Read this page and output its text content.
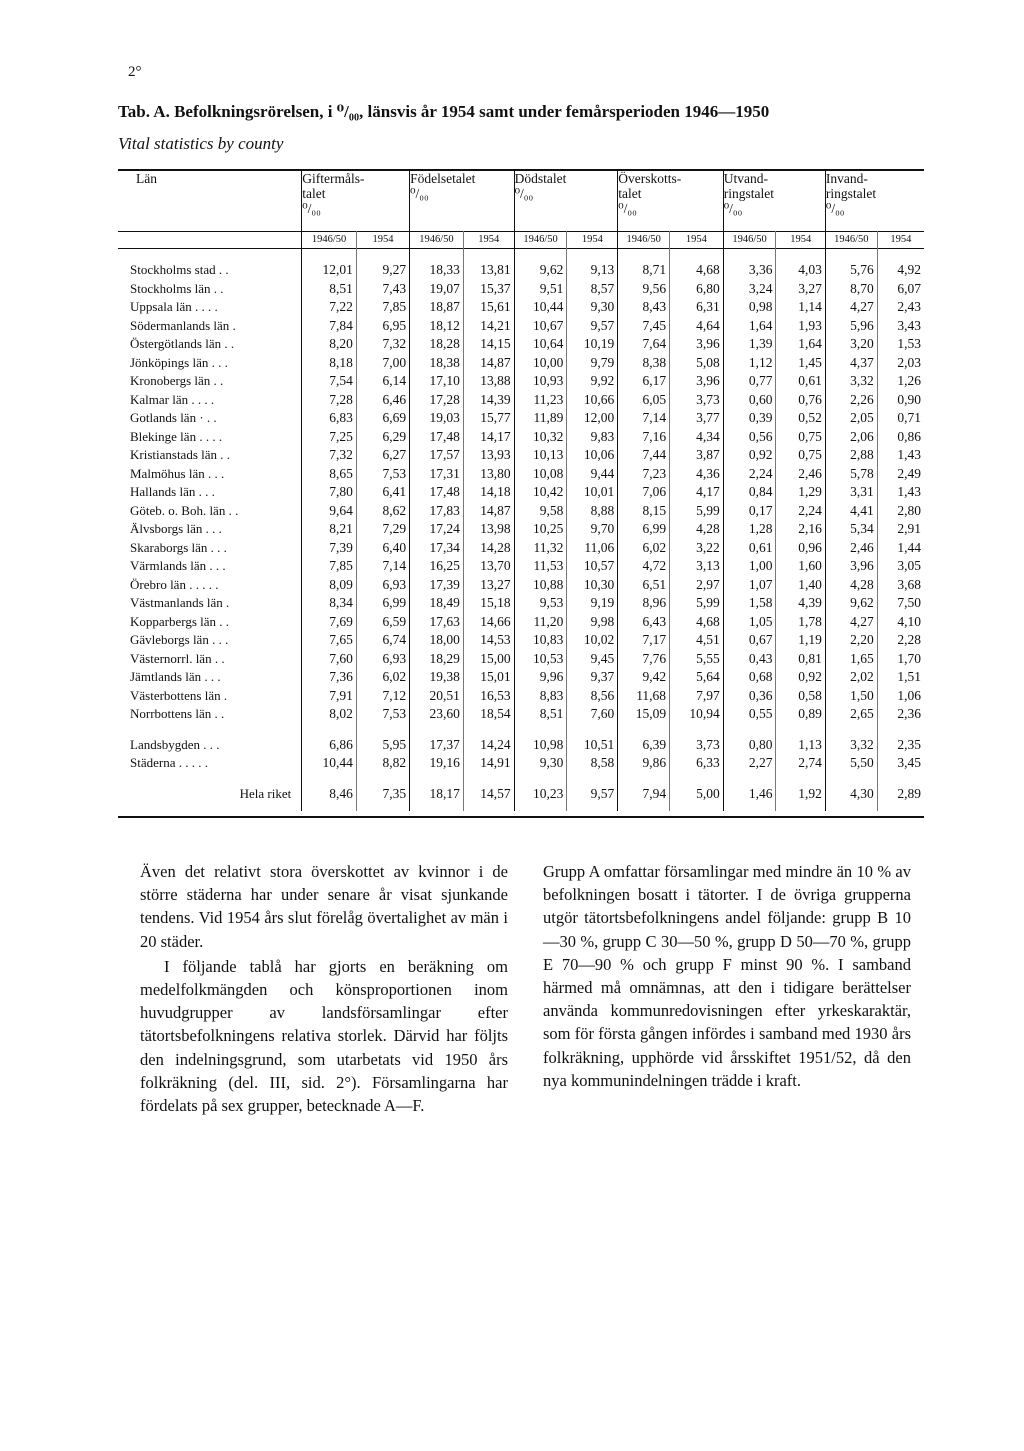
2°
Tab. A. Befolkningsrörelsen, i ⁰/₀₀, länsvis år 1954 samt under femårsperioden 1946—1950
Vital statistics by county
Län	Giftermåls-
talet
⁰/₀₀		Födelsetalet
⁰/₀₀		Dödstalet
⁰/₀₀		Överskotts-
talet
⁰/₀₀		Utvand-
ringstalet
⁰/₀₀		Invand-
ringstalet
⁰/₀₀	
	1946/50	1954	1946/50	1954	1946/50	1954	1946/50	1954	1946/50	1954	1946/50	1954
Stockholms stad . .	12,01	9,27	18,33	13,81	9,62	9,13	8,71	4,68	3,36	4,03	5,76	4,92
Stockholms län . .	8,51	7,43	19,07	15,37	9,51	8,57	9,56	6,80	3,24	3,27	8,70	6,07
Uppsala län . . . .	7,22	7,85	18,87	15,61	10,44	9,30	8,43	6,31	0,98	1,14	4,27	2,43
Södermanlands län .	7,84	6,95	18,12	14,21	10,67	9,57	7,45	4,64	1,64	1,93	5,96	3,43
Östergötlands län . .	8,20	7,32	18,28	14,15	10,64	10,19	7,64	3,96	1,39	1,64	3,20	1,53
Jönköpings län . . .	8,18	7,00	18,38	14,87	10,00	9,79	8,38	5,08	1,12	1,45	4,37	2,03
Kronobergs län . .	7,54	6,14	17,10	13,88	10,93	9,92	6,17	3,96	0,77	0,61	3,32	1,26
Kalmar län . . . .	7,28	6,46	17,28	14,39	11,23	10,66	6,05	3,73	0,60	0,76	2,26	0,90
Gotlands län · . .	6,83	6,69	19,03	15,77	11,89	12,00	7,14	3,77	0,39	0,52	2,05	0,71
Blekinge län . . . .	7,25	6,29	17,48	14,17	10,32	9,83	7,16	4,34	0,56	0,75	2,06	0,86
Kristianstads län . .	7,32	6,27	17,57	13,93	10,13	10,06	7,44	3,87	0,92	0,75	2,88	1,43
Malmöhus län . . .	8,65	7,53	17,31	13,80	10,08	9,44	7,23	4,36	2,24	2,46	5,78	2,49
Hallands län . . .	7,80	6,41	17,48	14,18	10,42	10,01	7,06	4,17	0,84	1,29	3,31	1,43
Göteb. o. Boh. län . .	9,64	8,62	17,83	14,87	9,58	8,88	8,15	5,99	0,17	2,24	4,41	2,80
Älvsborgs län . . .	8,21	7,29	17,24	13,98	10,25	9,70	6,99	4,28	1,28	2,16	5,34	2,91
Skaraborgs län . . .	7,39	6,40	17,34	14,28	11,32	11,06	6,02	3,22	0,61	0,96	2,46	1,44
Värmlands län . . .	7,85	7,14	16,25	13,70	11,53	10,57	4,72	3,13	1,00	1,60	3,96	3,05
Örebro län . . . . .	8,09	6,93	17,39	13,27	10,88	10,30	6,51	2,97	1,07	1,40	4,28	3,68
Västmanlands län .	8,34	6,99	18,49	15,18	9,53	9,19	8,96	5,99	1,58	4,39	9,62	7,50
Kopparbergs län . .	7,69	6,59	17,63	14,66	11,20	9,98	6,43	4,68	1,05	1,78	4,27	4,10
Gävleborgs län . . .	7,65	6,74	18,00	14,53	10,83	10,02	7,17	4,51	0,67	1,19	2,20	2,28
Västernorrl. län . .	7,60	6,93	18,29	15,00	10,53	9,45	7,76	5,55	0,43	0,81	1,65	1,70
Jämtlands län . . .	7,36	6,02	19,38	15,01	9,96	9,37	9,42	5,64	0,68	0,92	2,02	1,51
Västerbottens län .	7,91	7,12	20,51	16,53	8,83	8,56	11,68	7,97	0,36	0,58	1,50	1,06
Norrbottens län . .	8,02	7,53	23,60	18,54	8,51	7,60	15,09	10,94	0,55	0,89	2,65	2,36
Landsbygden . . .	6,86	5,95	17,37	14,24	10,98	10,51	6,39	3,73	0,80	1,13	3,32	2,35
Städerna . . . . .	10,44	8,82	19,16	14,91	9,30	8,58	9,86	6,33	2,27	2,74	5,50	3,45
Hela riket	8,46	7,35	18,17	14,57	10,23	9,57	7,94	5,00	1,46	1,92	4,30	2,89

Även det relativt stora överskottet av kvinnor i de större städerna har under senare år visat sjunkande tendens. Vid 1954 års slut förelåg övertalighet av män i 20 städer.

I följande tablå har gjorts en beräkning om medelfolkmängden och könsproportionen inom huvudgrupper av landsförsamlingar efter tätortsbefolkningens relativa storlek. Därvid har följts den indelningsgrund, som utarbetats vid 1950 års folkräkning (del. III, sid. 2°). Församlingarna har fördelats på sex grupper, betecknade A—F.

Grupp A omfattar församlingar med mindre än 10 % av befolkningen bosatt i tätorter. I de övriga grupperna utgör tätortsbefolkningens andel följande: grupp B 10—30 %, grupp C 30—50 %, grupp D 50—70 %, grupp E 70—90 % och grupp F minst 90 %. I samband härmed må omnämnas, att den i tidigare berättelser använda kommunredovisningen efter yrkeskaraktär, som för första gången infördes i samband med 1930 års folkräkning, upphörde vid årsskiftet 1951/52, då den nya kommunindelningen trädde i kraft.
